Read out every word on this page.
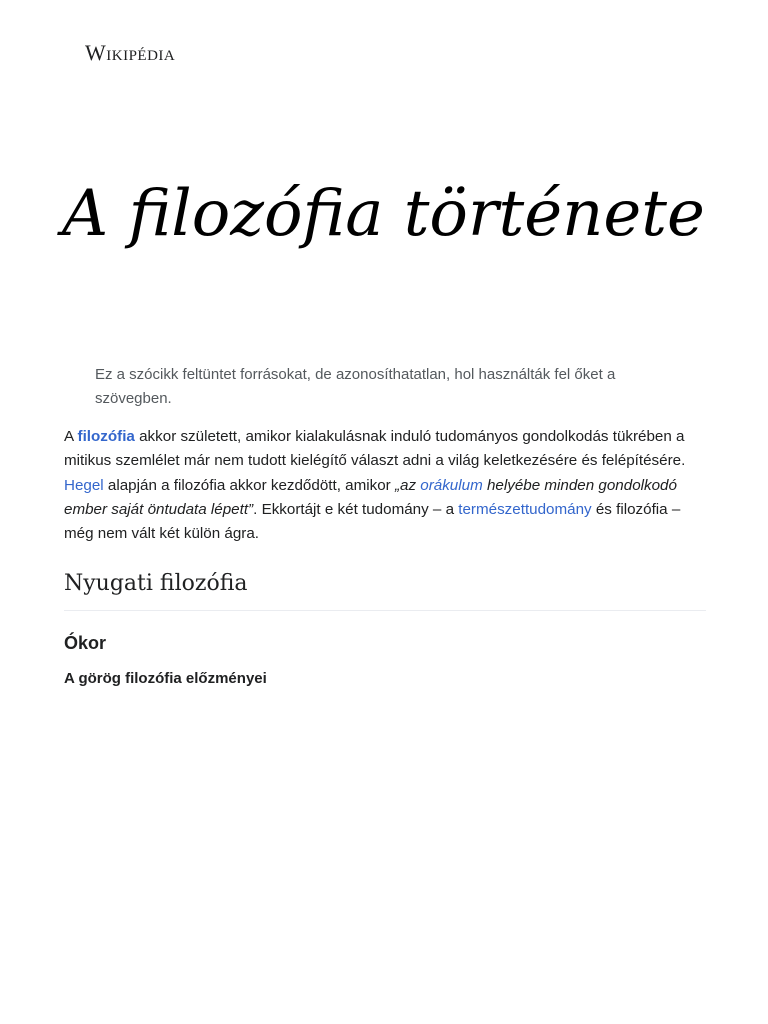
Wikipédia
A filozófia története

Ez a szócikk feltüntet forrásokat, de azonosíthatatlan, hol használták fel őket a szövegben.

A filozófia akkor született, amikor kialakulásnak induló tudományos gondolkodás tükrében a mitikus szemlélet már nem tudott kielégítő választ adni a világ keletkezésére és felépítésére. Hegel alapján a filozófia akkor kezdődött, amikor „az orákulum helyébe minden gondolkodó ember saját öntudata lépett”. Ekkortájt e két tudomány – a természettudomány és filozófia – még nem vált két külön ágra.

Nyugati filozófia
Ókor
A görög filozófia előzményei
